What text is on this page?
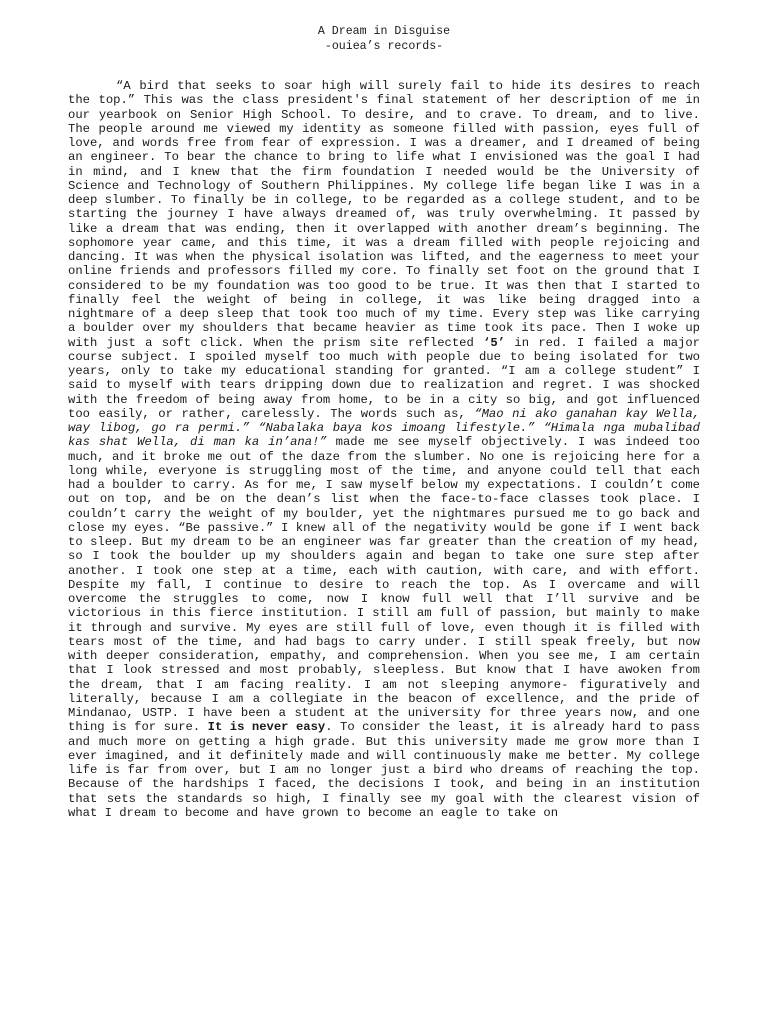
A Dream in Disguise
-ouiea’s records-

“A bird that seeks to soar high will surely fail to hide its desires to reach the top.” This was the class president's final statement of her description of me in our yearbook on Senior High School. To desire, and to crave. To dream, and to live. The people around me viewed my identity as someone filled with passion, eyes full of love, and words free from fear of expression. I was a dreamer, and I dreamed of being an engineer. To bear the chance to bring to life what I envisioned was the goal I had in mind, and I knew that the firm foundation I needed would be the University of Science and Technology of Southern Philippines. My college life began like I was in a deep slumber. To finally be in college, to be regarded as a college student, and to be starting the journey I have always dreamed of, was truly overwhelming. It passed by like a dream that was ending, then it overlapped with another dream’s beginning. The sophomore year came, and this time, it was a dream filled with people rejoicing and dancing. It was when the physical isolation was lifted, and the eagerness to meet your online friends and professors filled my core. To finally set foot on the ground that I considered to be my foundation was too good to be true. It was then that I started to finally feel the weight of being in college, it was like being dragged into a nightmare of a deep sleep that took too much of my time. Every step was like carrying a boulder over my shoulders that became heavier as time took its pace. Then I woke up with just a soft click. When the prism site reflected ‘5’ in red. I failed a major course subject. I spoiled myself too much with people due to being isolated for two years, only to take my educational standing for granted. “I am a college student” I said to myself with tears dripping down due to realization and regret. I was shocked with the freedom of being away from home, to be in a city so big, and got influenced too easily, or rather, carelessly. The words such as, “Mao ni ako ganahan kay Wella, way libog, go ra permi.” “Nabalaka baya kos imoang lifestyle.” “Himala nga mubalibad kas shat Wella, di man ka in’ana!” made me see myself objectively. I was indeed too much, and it broke me out of the daze from the slumber. No one is rejoicing here for a long while, everyone is struggling most of the time, and anyone could tell that each had a boulder to carry. As for me, I saw myself below my expectations. I couldn’t come out on top, and be on the dean’s list when the face-to-face classes took place. I couldn’t carry the weight of my boulder, yet the nightmares pursued me to go back and close my eyes. “Be passive.” I knew all of the negativity would be gone if I went back to sleep. But my dream to be an engineer was far greater than the creation of my head, so I took the boulder up my shoulders again and began to take one sure step after another. I took one step at a time, each with caution, with care, and with effort. Despite my fall, I continue to desire to reach the top. As I overcame and will overcome the struggles to come, now I know full well that I’ll survive and be victorious in this fierce institution. I still am full of passion, but mainly to make it through and survive. My eyes are still full of love, even though it is filled with tears most of the time, and had bags to carry under. I still speak freely, but now with deeper consideration, empathy, and comprehension. When you see me, I am certain that I look stressed and most probably, sleepless. But know that I have awoken from the dream, that I am facing reality. I am not sleeping anymore- figuratively and literally, because I am a collegiate in the beacon of excellence, and the pride of Mindanao, USTP. I have been a student at the university for three years now, and one thing is for sure. It is never easy. To consider the least, it is already hard to pass and much more on getting a high grade. But this university made me grow more than I ever imagined, and it definitely made and will continuously make me better. My college life is far from over, but I am no longer just a bird who dreams of reaching the top. Because of the hardships I faced, the decisions I took, and being in an institution that sets the standards so high, I finally see my goal with the clearest vision of what I dream to become and have grown to become an eagle to take on
